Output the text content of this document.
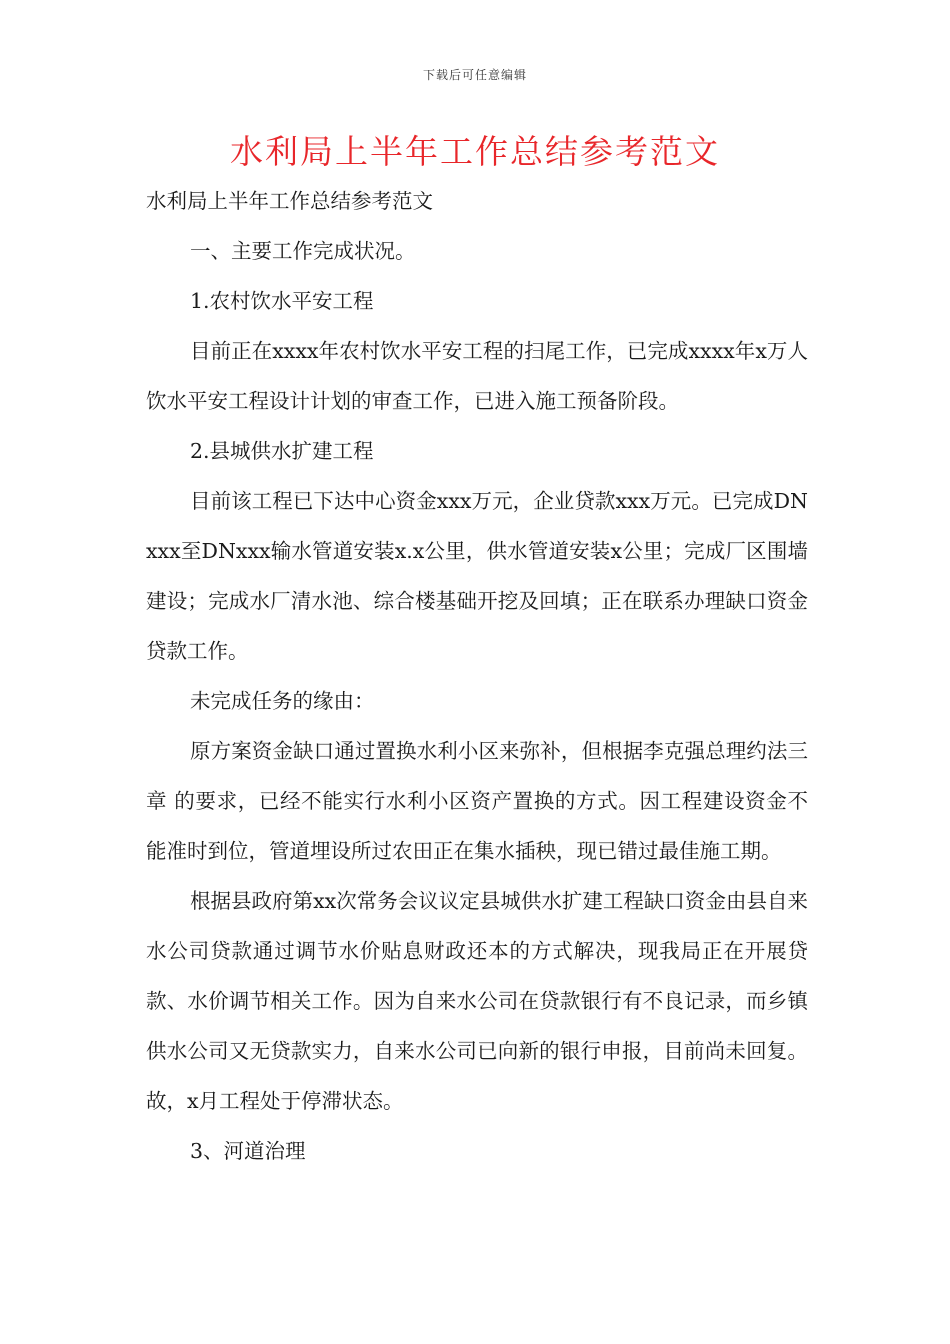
下载后可任意编辑
水利局上半年工作总结参考范文

水利局上半年工作总结参考范文

一、主要工作完成状况。

1.农村饮水平安工程

目前正在xxxx年农村饮水平安工程的扫尾工作，已完成xxxx年x万人饮水平安工程设计计划的审查工作，已进入施工预备阶段。

2.县城供水扩建工程

目前该工程已下达中心资金xxx万元，企业贷款xxx万元。已完成DNxxx至DNxxx输水管道安装x.x公里，供水管道安装x公里；完成厂区围墙建设；完成水厂清水池、综合楼基础开挖及回填；正在联系办理缺口资金贷款工作。

未完成任务的缘由：

原方案资金缺口通过置换水利小区来弥补，但根据李克强总理约法三章 的要求，已经不能实行水利小区资产置换的方式。因工程建设资金不能准时到位，管道埋设所过农田正在集水插秧，现已错过最佳施工期。

根据县政府第xx次常务会议议定县城供水扩建工程缺口资金由县自来水公司贷款通过调节水价贴息财政还本的方式解决，现我局正在开展贷款、水价调节相关工作。因为自来水公司在贷款银行有不良记录，而乡镇供水公司又无贷款实力，自来水公司已向新的银行申报，目前尚未回复。故，x月工程处于停滞状态。

3、河道治理
